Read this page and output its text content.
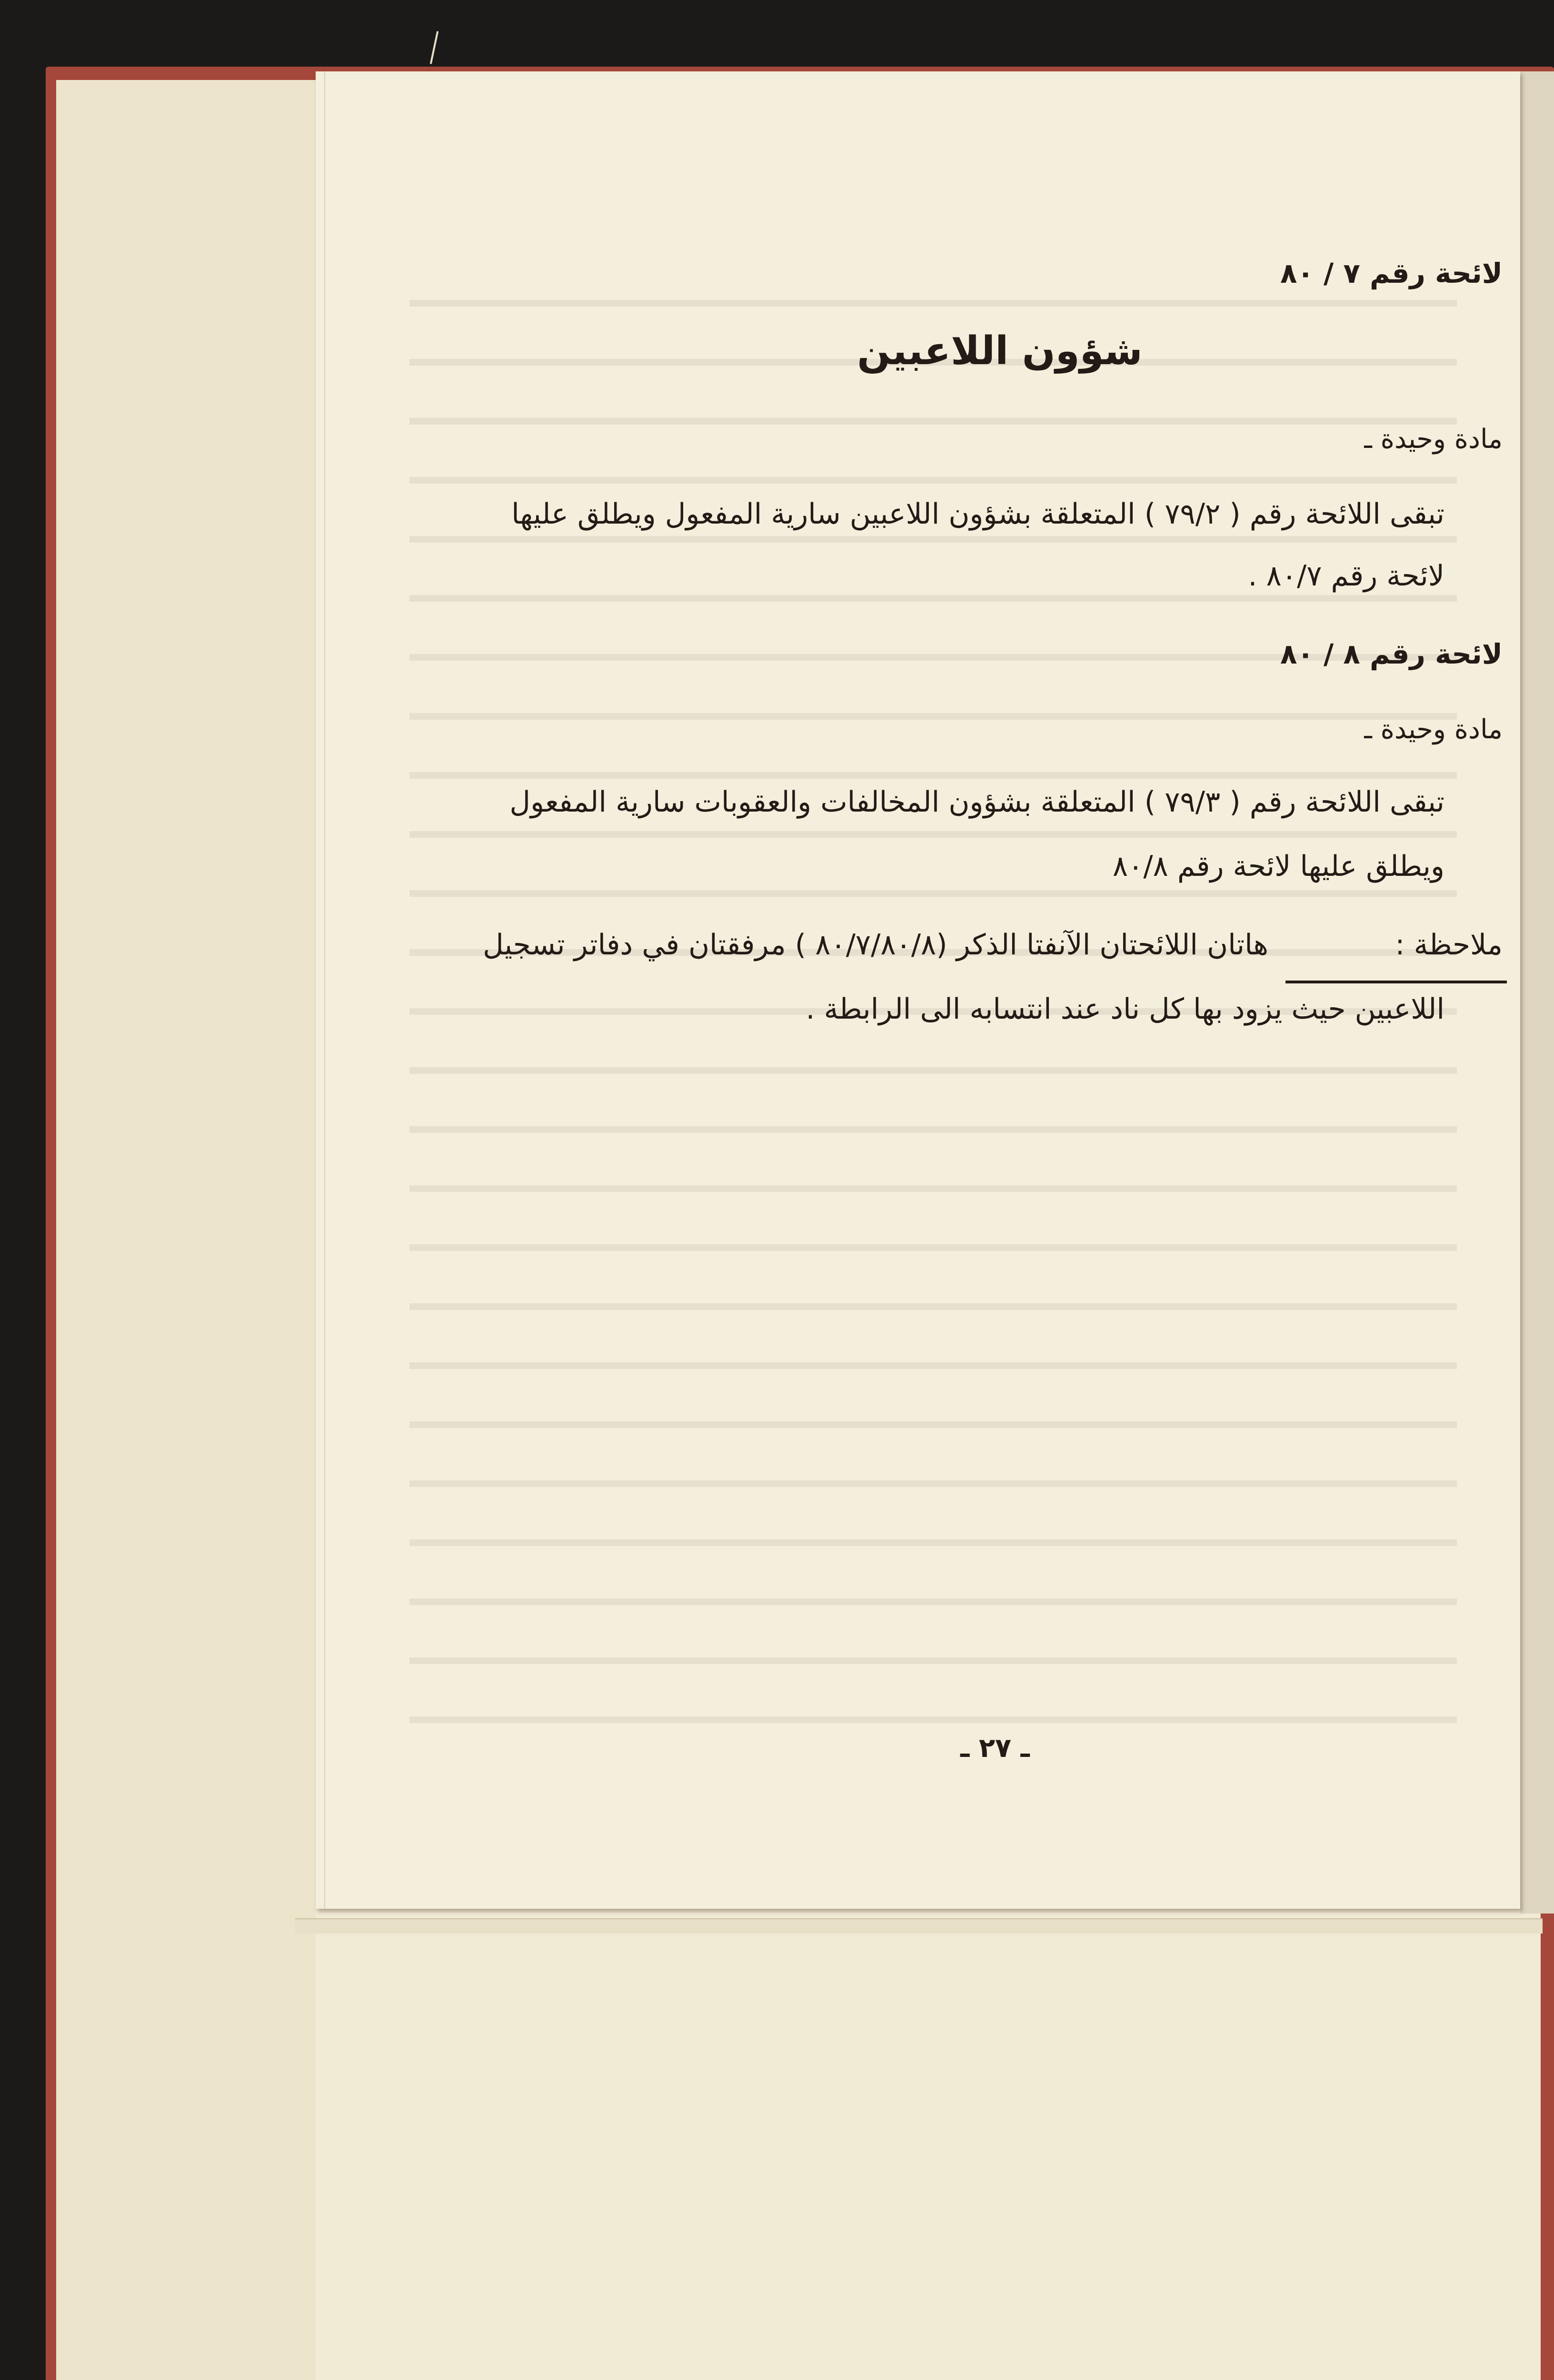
لائحة رقم ٧ / ٨٠
شؤون اللاعبين
مادة وحيدة ـ
تبقى اللائحة رقم ( ٧٩/٢ ) المتعلقة بشؤون اللاعبين سارية المفعول ويطلق عليها
لائحة رقم ٨٠/٧ .
لائحة رقم ٨ / ٨٠
مادة وحيدة ـ
تبقى اللائحة رقم ( ٧٩/٣ ) المتعلقة بشؤون المخالفات والعقوبات سارية المفعول
ويطلق عليها لائحة رقم ٨٠/٨
ملاحظة :
هاتان اللائحتان الآنفتا الذكر (٨٠/٧/٨٠/٨ ) مرفقتان في دفاتر تسجيل
اللاعبين حيث يزود بها كل ناد عند انتسابه الى الرابطة .
ـ ٢٧ ـ
